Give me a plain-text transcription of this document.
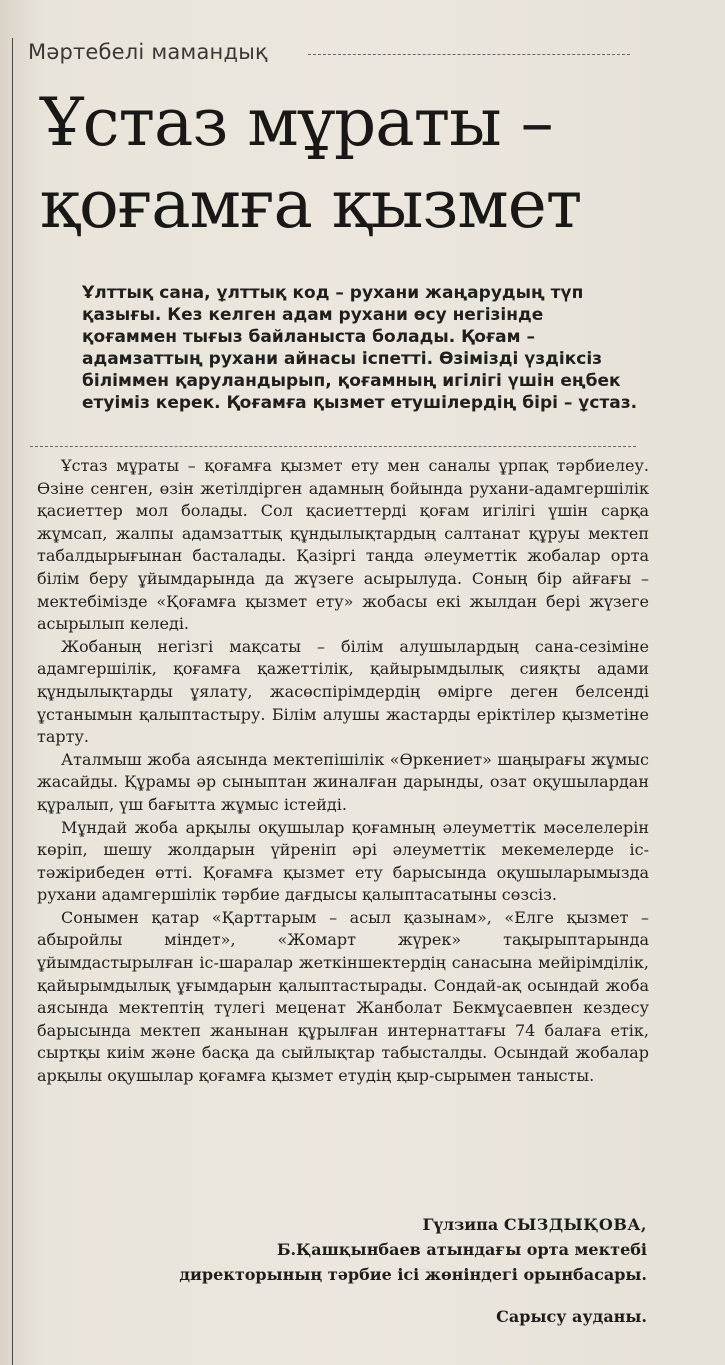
Мәртебелі мамандық
Ұстаз мұраты –
қоғамға қызмет
Ұлттық сана, ұлттық код – рухани жаңарудың түп қазығы. Кез келген адам рухани өсу негізінде қоғаммен тығыз байланыста болады. Қоғам – адамзаттың рухани айнасы іспетті. Өзімізді үздіксіз біліммен қаруландырып, қоғамның игілігі үшін еңбек етуіміз керек. Қоғамға қызмет етушілердің бірі – ұстаз.

Ұстаз мұраты – қоғамға қызмет ету мен саналы ұрпақ тәрбиелеу. Өзіне сенген, өзін жетілдірген адамның бойында рухани-адамгершілік қасиеттер мол болады. Сол қасиеттерді қоғам игілігі үшін сарқа жұмсап, жалпы адамзаттық құндылықтардың салтанат құруы мектеп табалдырығынан басталады. Қазіргі таңда әлеуметтік жобалар орта білім беру ұйымдарында да жүзеге асырылуда. Соның бір айғағы – мектебімізде «Қоғамға қызмет ету» жобасы екі жылдан бері жүзеге асырылып келеді.

Жобаның негізгі мақсаты – білім алушылардың сана-сезіміне адамгершілік, қоғамға қажеттілік, қайырымдылық сияқты адами құндылықтарды ұялату, жасөспірімдердің өмірге деген белсенді ұстанымын қалыптастыру. Білім алушы жастарды еріктілер қызметіне тарту.

Аталмыш жоба аясында мектепішілік «Өркениет» шаңырағы жұмыс жасайды. Құрамы әр сыныптан жиналған дарынды, озат оқушылардан құралып, үш бағытта жұмыс істейді.

Мұндай жоба арқылы оқушылар қоғамның әлеуметтік мәселелерін көріп, шешу жолдарын үйреніп әрі әлеуметтік мекемелерде іс-тәжірибеден өтті. Қоғамға қызмет ету барысында оқушыларымызда рухани адамгершілік тәрбие дағдысы қалыптасатыны сөзсіз.

Сонымен қатар «Қарттарым – асыл қазынам», «Елге қызмет – абыройлы міндет», «Жомарт жүрек» тақырыптарында ұйымдастырылған іс-шаралар жеткіншектердің санасына мейірімділік, қайырымдылық ұғымдарын қалыптастырады. Сондай-ақ осындай жоба аясында мектептің түлегі меценат Жанболат Бекмұсаевпен кездесу барысында мектеп жанынан құрылған интернаттағы 74 балаға етік, сыртқы киім және басқа да сыйлықтар табысталды. Осындай жобалар арқылы оқушылар қоғамға қызмет етудің қыр-сырымен танысты.

Гүлзипа СЫЗДЫҚОВА,
Б.Қашқынбаев атындағы орта мектебі
директорының тәрбие ісі жөніндегі орынбасары.
Сарысу ауданы.
